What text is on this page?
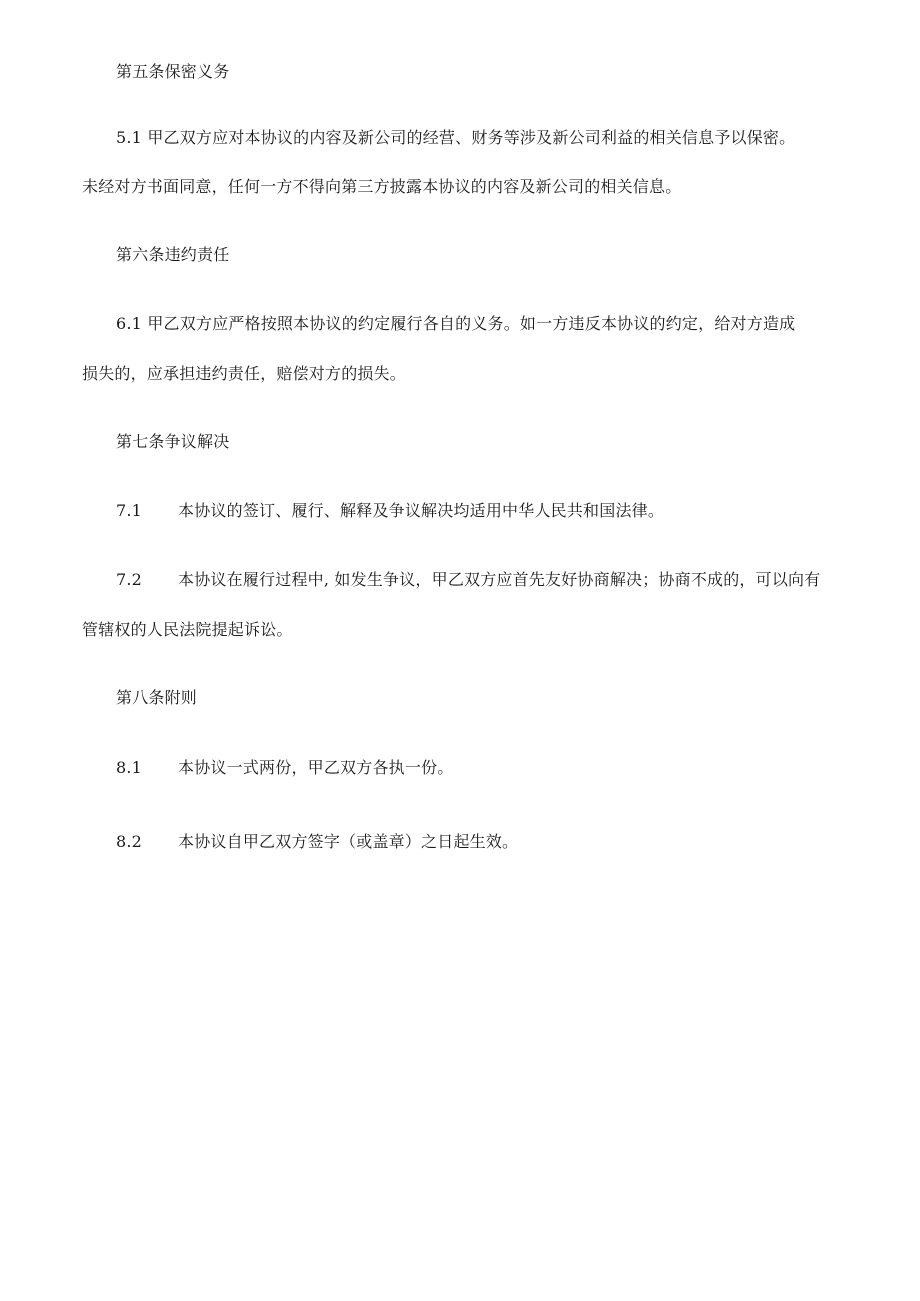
第五条保密义务
5.1 甲乙双方应对本协议的内容及新公司的经营、财务等涉及新公司利益的相关信息予以保密。
未经对方书面同意，任何一方不得向第三方披露本协议的内容及新公司的相关信息。
第六条违约责任
6.1 甲乙双方应严格按照本协议的约定履行各自的义务。如一方违反本协议的约定，给对方造成
损失的，应承担违约责任，赔偿对方的损失。
第七条争议解决
7.1 本协议的签订、履行、解释及争议解决均适用中华人民共和国法律。
7.2 本协议在履行过程中, 如发生争议，甲乙双方应首先友好协商解决；协商不成的，可以向有
管辖权的人民法院提起诉讼。
第八条附则
8.1 本协议一式两份，甲乙双方各执一份。
8.2 本协议自甲乙双方签字（或盖章）之日起生效。
